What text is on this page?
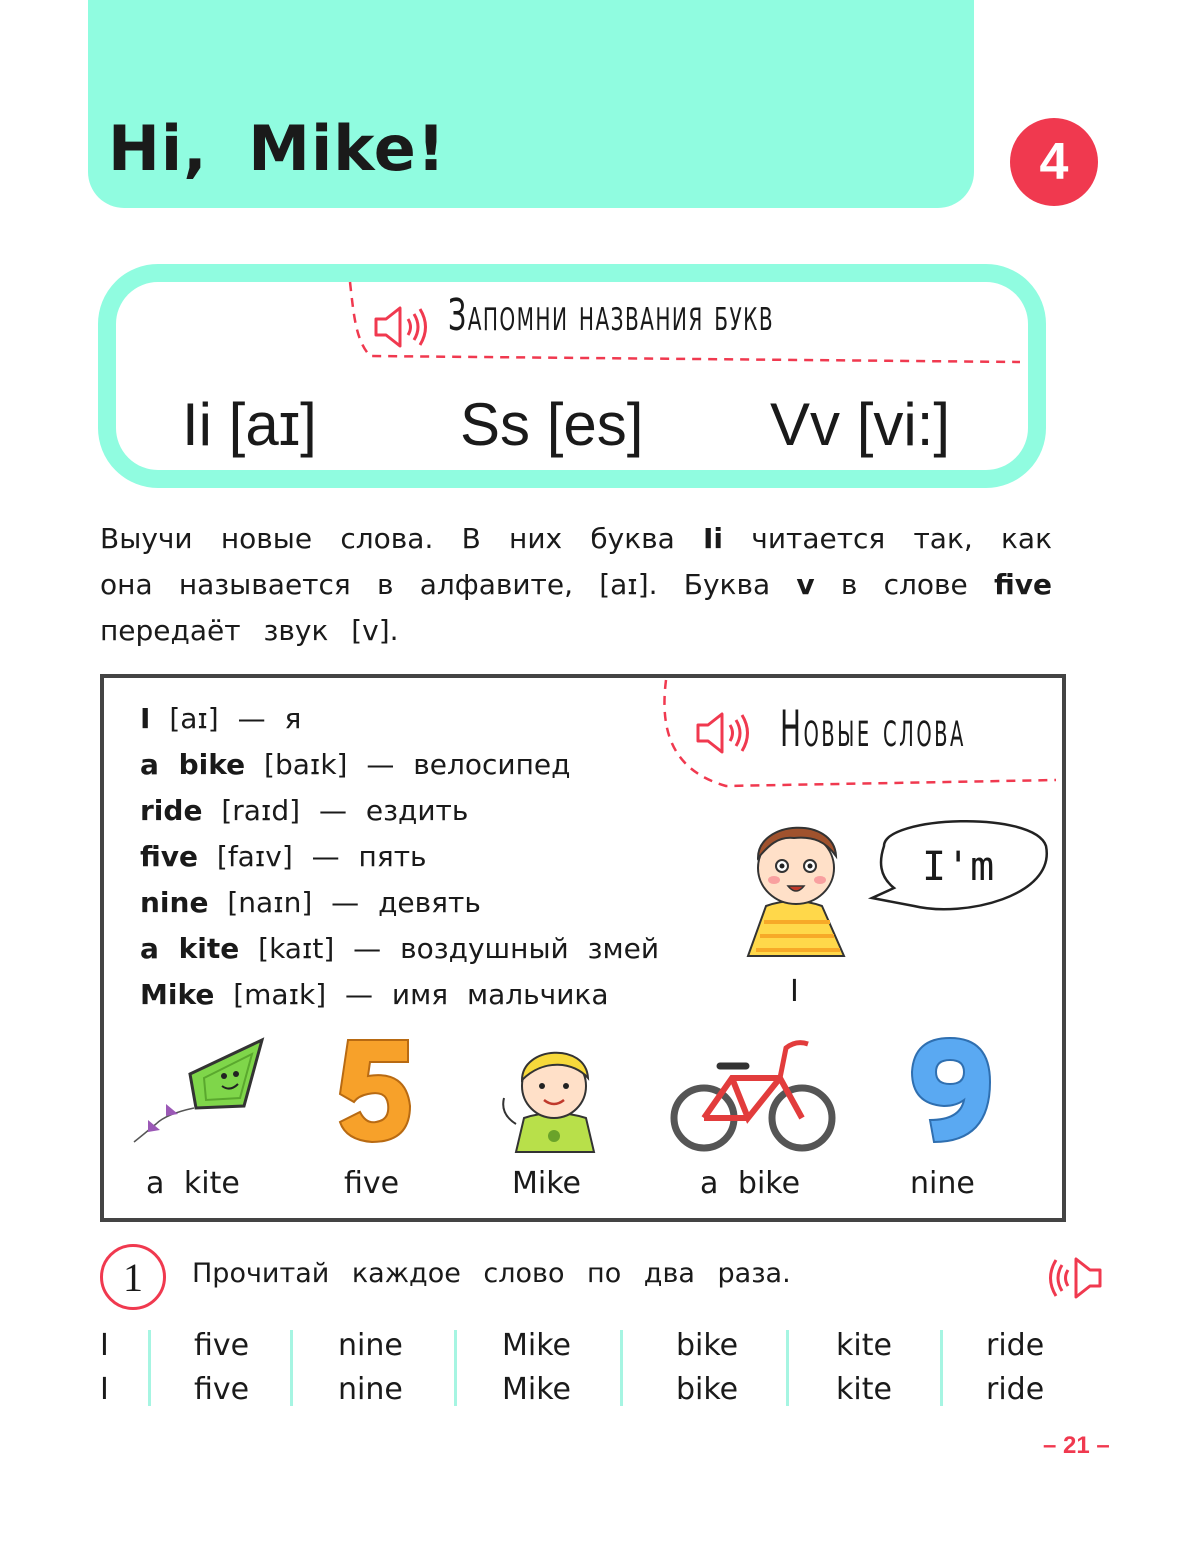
Hi, Mike!	4
Запомни названия букв
Ii [aɪ] Ss [es] Vv [vi:]

Выучи новые слова. В них буква Ii читается так, как она называется в алфавите, [aɪ]. Буква v в слове five передаёт звук [v].

Новые слова
I [aɪ] — я
a bike [baɪk] — велосипед
ride [raɪd] — ездить
five [faɪv] — пять
nine [naɪn] — девять
a kite [kaɪt] — воздушный змей
Mike [maɪk] — имя мальчика
I'm
I
a kite	five	Mike	a bike	nine
1	Прочитай каждое слово по два раза.
I	five	nine	Mike	bike	kite	ride
I	five	nine	Mike	bike	kite	ride
– 21 –
